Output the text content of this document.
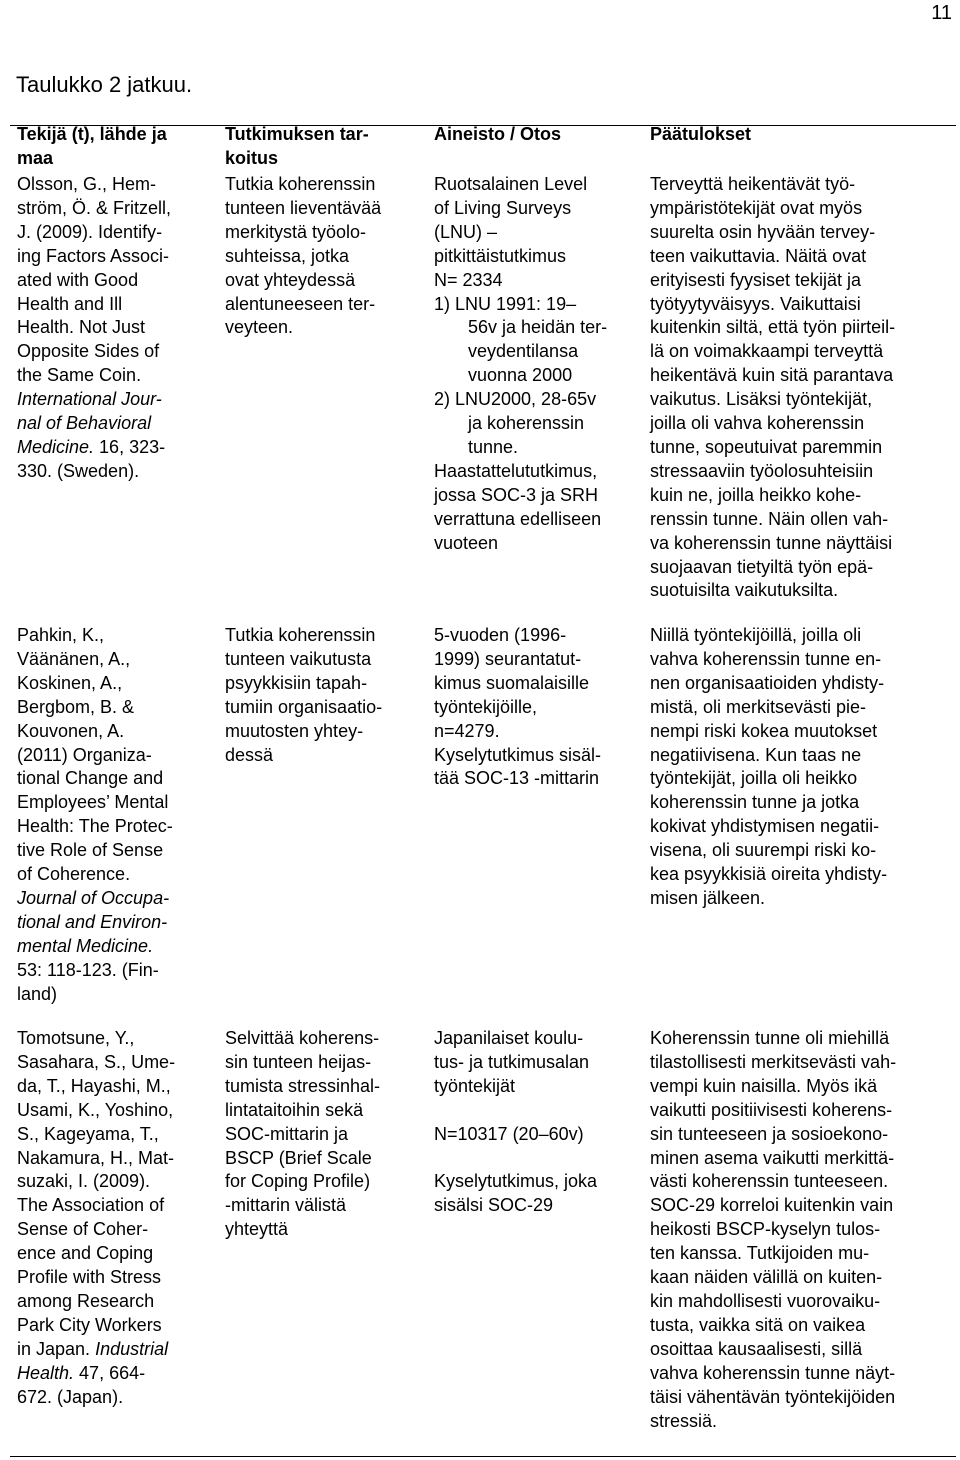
11
Taulukko 2 jatkuu.
Tekijä (t), lähde ja
maa
Tutkimuksen tar-
koitus
Aineisto / Otos	Päätulokset
Olsson, G., Hem-
ström, Ö. & Fritzell,
J. (2009). Identify-
ing Factors Associ-
ated with Good
Health and Ill
Health. Not Just
Opposite Sides of
the Same Coin.
International Jour-
nal of Behavioral
Medicine. 16, 323-
330. (Sweden).
Tutkia koherenssin
tunteen lieventävää
merkitystä työolo-
suhteissa, jotka
ovat yhteydessä
alentuneeseen ter-
veyteen.
Ruotsalainen Level
of Living Surveys
(LNU) –
pitkittäistutkimus
N= 2334
1) LNU 1991: 19–
56v ja heidän ter-
veydentilansa
vuonna 2000
2) LNU2000, 28-65v
ja koherenssin
tunne.
Haastattelututkimus,
jossa SOC-3 ja SRH
verrattuna edelliseen
vuoteen
Terveyttä heikentävät työ-
ympäristötekijät ovat myös
suurelta osin hyvään tervey-
teen vaikuttavia. Näitä ovat
erityisesti fyysiset tekijät ja
työtyytyväisyys. Vaikuttaisi
kuitenkin siltä, että työn piirteil-
lä on voimakkaampi terveyttä
heikentävä kuin sitä parantava
vaikutus. Lisäksi työntekijät,
joilla oli vahva koherenssin
tunne, sopeutuivat paremmin
stressaaviin työolosuhteisiin
kuin ne, joilla heikko kohe-
renssin tunne. Näin ollen vah-
va koherenssin tunne näyttäisi
suojaavan tietyiltä työn epä-
suotuisilta vaikutuksilta.
Pahkin, K.,
Väänänen, A.,
Koskinen, A.,
Bergbom, B. &
Kouvonen, A.
(2011) Organiza-
tional Change and
Employees’ Mental
Health: The Protec-
tive Role of Sense
of Coherence.
Journal of Occupa-
tional and Environ-
mental Medicine.
53: 118-123. (Fin-
land)
Tutkia koherenssin
tunteen vaikutusta
psyykkisiin tapah-
tumiin organisaatio-
muutosten yhtey-
dessä
5-vuoden (1996-
1999) seurantatut-
kimus suomalaisille
työntekijöille,
n=4279.
Kyselytutkimus sisäl-
tää SOC-13 -mittarin
Niillä työntekijöillä, joilla oli
vahva koherenssin tunne en-
nen organisaatioiden yhdisty-
mistä, oli merkitsevästi pie-
nempi riski kokea muutokset
negatiivisena. Kun taas ne
työntekijät, joilla oli heikko
koherenssin tunne ja jotka
kokivat yhdistymisen negatii-
visena, oli suurempi riski ko-
kea psyykkisiä oireita yhdisty-
misen jälkeen.
Tomotsune, Y.,
Sasahara, S., Ume-
da, T., Hayashi, M.,
Usami, K., Yoshino,
S., Kageyama, T.,
Nakamura, H., Mat-
suzaki, I. (2009).
The Association of
Sense of Coher-
ence and Coping
Profile with Stress
among Research
Park City Workers
in Japan. Industrial
Health. 47, 664-
672. (Japan).
Selvittää koherens-
sin tunteen heijas-
tumista stressinhal-
lintataitoihin sekä
SOC-mittarin ja
BSCP (Brief Scale
for Coping Profile)
-mittarin välistä
yhteyttä
Japanilaiset koulu-
tus- ja tutkimusalan
työntekijät
N=10317 (20–60v)
Kyselytutkimus, joka
sisälsi SOC-29
Koherenssin tunne oli miehillä
tilastollisesti merkitsevästi vah-
vempi kuin naisilla. Myös ikä
vaikutti positiivisesti koherens-
sin tunteeseen ja sosioekono-
minen asema vaikutti merkittä-
västi koherenssin tunteeseen.
SOC-29 korreloi kuitenkin vain
heikosti BSCP-kyselyn tulos-
ten kanssa. Tutkijoiden mu-
kaan näiden välillä on kuiten-
kin mahdollisesti vuorovaiku-
tusta, vaikka sitä on vaikea
osoittaa kausaalisesti, sillä
vahva koherenssin tunne näyt-
täisi vähentävän työntekijöiden
stressiä.
